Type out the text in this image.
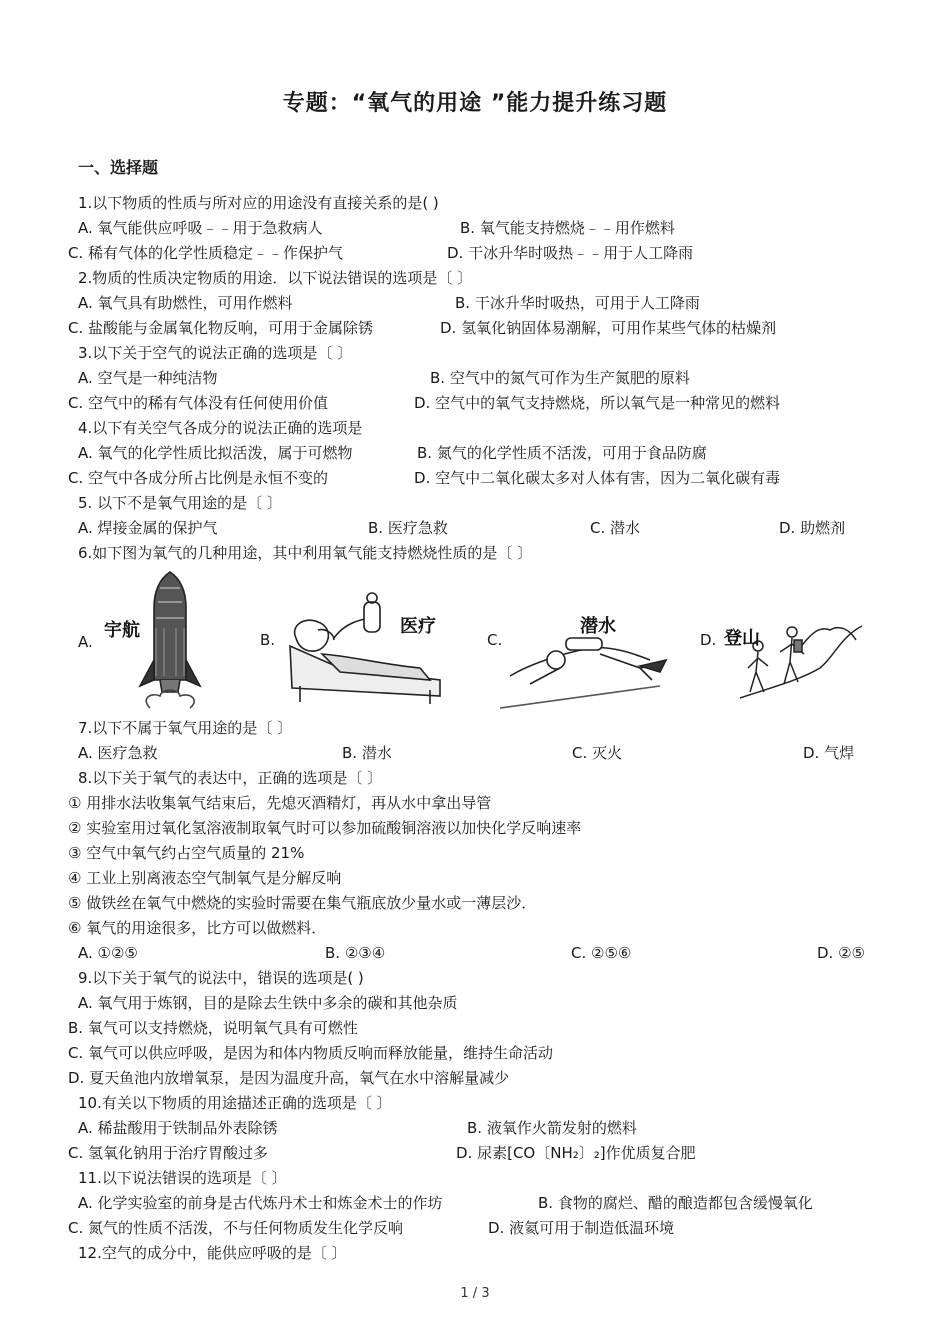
专题：“氧气的用途 ”能力提升练习题
一、选择题
1.以下物质的性质与所对应的用途没有直接关系的是( )
A. 氧气能供应呼吸﹣﹣用于急救病人	B. 氧气能支持燃烧﹣﹣用作燃料
C. 稀有气体的化学性质稳定﹣﹣作保护气	D. 干冰升华时吸热﹣﹣用于人工降雨
2.物质的性质决定物质的用途．以下说法错误的选项是〔 〕
A. 氧气具有助燃性，可用作燃料	B. 干冰升华时吸热，可用于人工降雨
C. 盐酸能与金属氧化物反响，可用于金属除锈	D. 氢氧化钠固体易潮解，可用作某些气体的枯燥剂
3.以下关于空气的说法正确的选项是〔 〕
A. 空气是一种纯洁物	B. 空气中的氮气可作为生产氮肥的原料
C. 空气中的稀有气体没有任何使用价值	D. 空气中的氧气支持燃烧，所以氧气是一种常见的燃料
4.以下有关空气各成分的说法正确的选项是
A. 氧气的化学性质比拟活泼，属于可燃物	B. 氮气的化学性质不活泼，可用于食品防腐
C. 空气中各成分所占比例是永恒不变的	D. 空气中二氧化碳太多对人体有害，因为二氧化碳有毒
5. 以下不是氧气用途的是〔 〕
A. 焊接金属的保护气	B. 医疗急救	C. 潜水	D. 助燃剂
6.如下图为氧气的几种用途，其中利用氧气能支持燃烧性质的是〔 〕
A.	B.	C.	D.
宇航	医疗	潜水
登山
7.以下不属于氧气用途的是〔 〕
A. 医疗急救	B. 潜水	C. 灭火	D. 气焊
8.以下关于氧气的表达中，正确的选项是〔 〕
① 用排水法收集氧气结束后，先熄灭酒精灯，再从水中拿出导管
② 实验室用过氧化氢溶液制取氧气时可以参加硫酸铜溶液以加快化学反响速率
③ 空气中氧气约占空气质量的 21%
④ 工业上别离液态空气制氧气是分解反响
⑤ 做铁丝在氧气中燃烧的实验时需要在集气瓶底放少量水或一薄层沙．
⑥ 氧气的用途很多，比方可以做燃料．
A. ①②⑤	B. ②③④	C. ②⑤⑥	D. ②⑤
9.以下关于氧气的说法中，错误的选项是( )
A. 氧气用于炼钢，目的是除去生铁中多余的碳和其他杂质
B. 氧气可以支持燃烧，说明氧气具有可燃性
C. 氧气可以供应呼吸，是因为和体内物质反响而释放能量，维持生命活动
D. 夏天鱼池内放增氧泵，是因为温度升高，氧气在水中溶解量减少
10.有关以下物质的用途描述正确的选项是〔 〕
A. 稀盐酸用于铁制品外表除锈	B. 液氧作火箭发射的燃料
C. 氢氧化钠用于治疗胃酸过多	D. 尿素[CO〔NH₂〕₂]作优质复合肥
11.以下说法错误的选项是〔 〕
A. 化学实验室的前身是古代炼丹术士和炼金术士的作坊	B. 食物的腐烂、醋的酿造都包含缓慢氧化
C. 氮气的性质不活泼，不与任何物质发生化学反响	D. 液氦可用于制造低温环境
12.空气的成分中，能供应呼吸的是〔 〕
1 / 3
